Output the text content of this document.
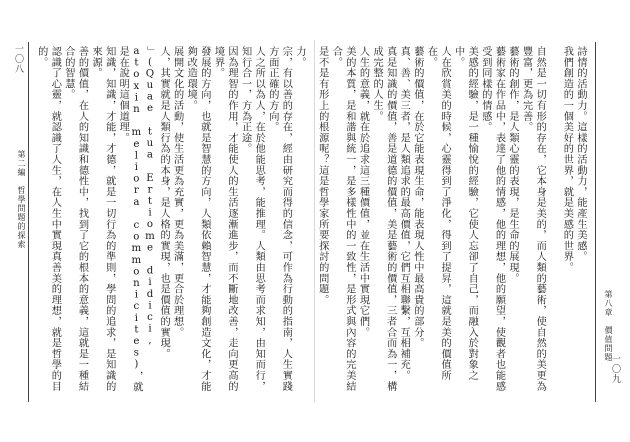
一〇八
第二編　哲學問題的探索
力。
宗，有以善的存在，經由研究而得的信念，可作為行動的指南，人生實踐方面正確的方向。
人之所以為人，在於他能思考，能推理。人類由思考而求知，由知而行，知行合一，方為正途。
因為理智的作用，才能使人的生活逐漸進步，而不斷地改善，走向更高的境界。
發展的方向，也就是智慧的方向，人類依賴智慧，才能夠創造文化，才能夠改造環境。
展開文化的活動，使生活更為充實，更為美滿，更合於理想。
人，其實就是人類行為的本身，是人格的實現，也是價值的實現。
」(Quae tua Ertiome didici, atoxin meliora commonicites)，就是在說明這個道理。
知識，知識，才能，才德，就是一切行為的準則，學問的追求，是知識的來源。
善的價值，在人的知識和德性中，找到了它的根本的意義，這就是一種結合的智慧。
認識了心靈，就認識了人生，在人生中實現真善美的理想，就是哲學的目的。	詩情的活動力。這樣的活動力，能產生美感。
我們創造的一個美好的世界，就是美感的世界。

自然是一切有形的存在，它本身是美的，而人類的藝術，使自然的美更為豐富，更為完善。
藝術的創作，是人類心靈的表現，是生命的展現。
藝術家在作品中，表達了他的情感，他的理想，他的願望，使觀者也能感受到同樣的情感。
美感的經驗，是一種愉悅的經驗，它使人忘卻了自己，而融入於對象之中。
人在欣賞美的時候，心靈得到了淨化，得到了提昇，這就是美的價值所在。
藝術的價值，在於它能表現生命，能表現人性中最高貴的部分。
真、善、美三者，是人類追求的最高價值，它們互相聯繫，互相補充。
真是知識的價值，善是道德的價值，美是藝術的價值，三者合而為一，構成完整的人生。
人生的意義，就在於追求這三種價值，並在生活中實現它們。
美的本質，是和諧與統一，是多樣性中的一致性，是形式與內容的完美結合。
是不是有形上的根源呢？這是哲學家所要探討的問題。
第八章　價值問題
一〇九
